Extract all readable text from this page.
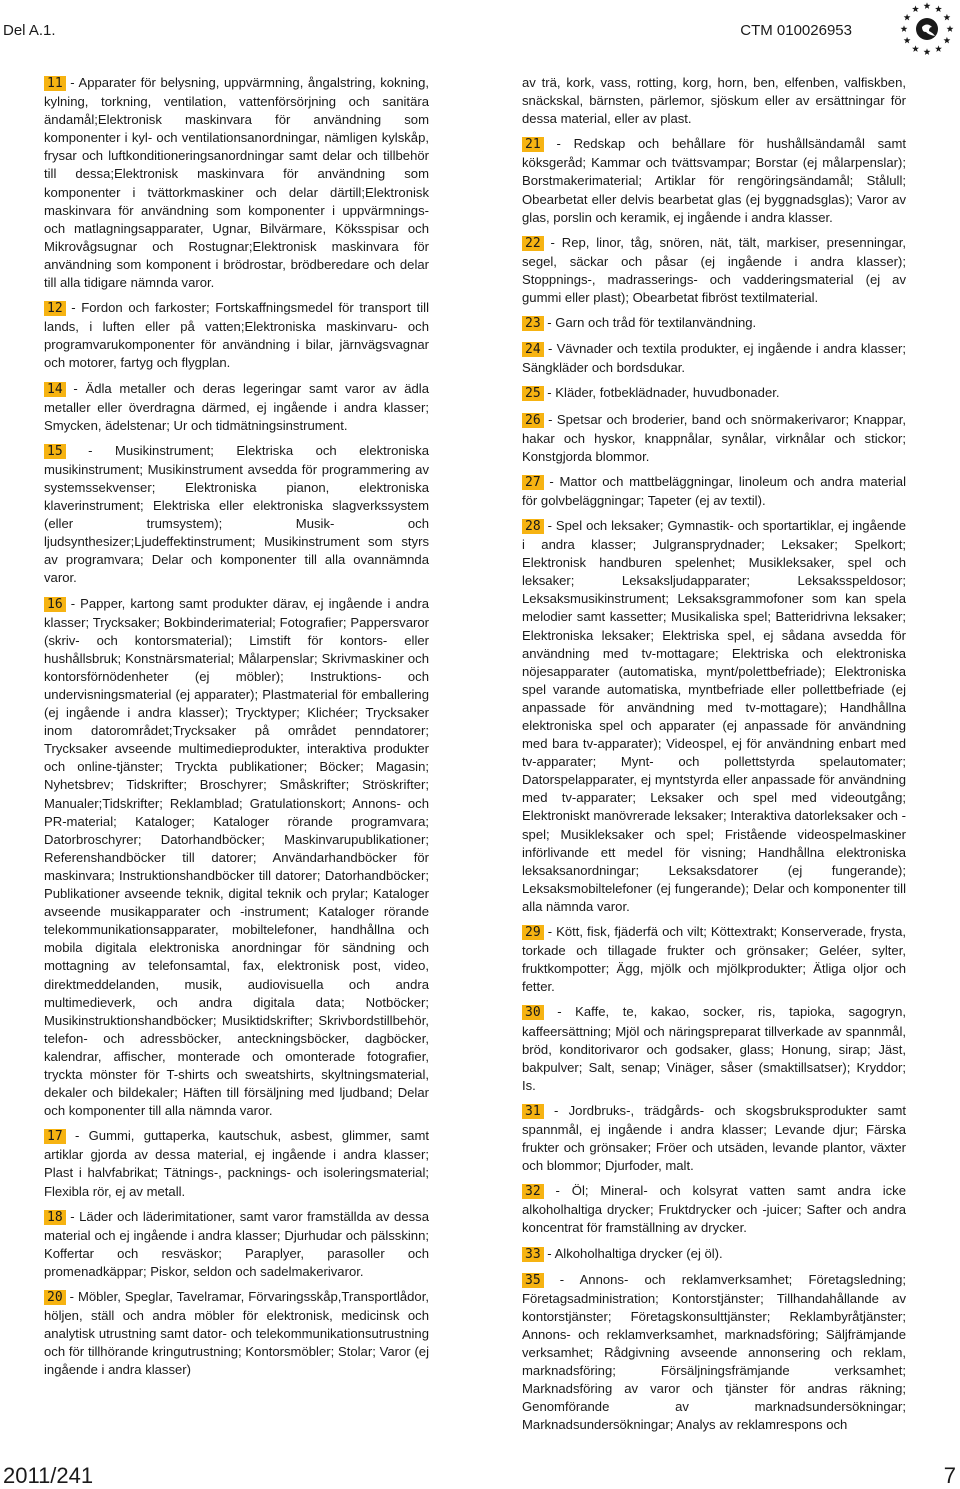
Del A.1.	CTM 010026953
11 - Apparater för belysning, uppvärmning, ångalstring, kokning, kylning, torkning, ventilation, vattenförsörjning och sanitära ändamål;Elektronisk maskinvara för användning som komponenter i kyl- och ventilationsanordningar, nämligen kylskåp, frysar och luftkonditioneringsanordningar samt delar och tillbehör till dessa;Elektronisk maskinvara för användning som komponenter i tvättorkmaskiner och delar därtill;Elektronisk maskinvara för användning som komponenter i uppvärmnings- och matlagningsapparater, Ugnar, Bilvärmare, Köksspisar och Mikrovågsugnar och Rostugnar;Elektronisk maskinvara för användning som komponent i brödrostar, brödberedare och delar till alla tidigare nämnda varor.
12 - Fordon och farkoster; Fortskaffningsmedel för transport till lands, i luften eller på vatten;Elektroniska maskinvaru- och programvarukomponenter för användning i bilar, järnvägsvagnar och motorer, fartyg och flygplan.
14 - Ädla metaller och deras legeringar samt varor av ädla metaller eller överdragna därmed, ej ingående i andra klasser; Smycken, ädelstenar; Ur och tidmätningsinstrument.
15 - Musikinstrument; Elektriska och elektroniska musikinstrument; Musikinstrument avsedda för programmering av systemssekvenser; Elektroniska pianon, elektroniska klaverinstrument; Elektriska eller elektroniska slagverkssystem (eller trumsystem); Musik- och ljudsynthesizer;Ljudeffektinstrument; Musikinstrument som styrs av programvara; Delar och komponenter till alla ovannämnda varor.
16 - Papper, kartong samt produkter därav, ej ingående i andra klasser; Trycksaker; Bokbinderimaterial; Fotografier; Pappersvaror (skriv- och kontorsmaterial); Limstift för kontors- eller hushållsbruk; Konstnärsmaterial; Målarpenslar; Skrivmaskiner och kontorsförnödenheter (ej möbler); Instruktions- och undervisningsmaterial (ej apparater); Plastmaterial för emballering (ej ingående i andra klasser); Trycktyper; Klichéer; Trycksaker inom datorområdet;Trycksaker på området penndatorer; Trycksaker avseende multimedieprodukter, interaktiva produkter och online-tjänster; Tryckta publikationer; Böcker; Magasin; Nyhetsbrev; Tidskrifter; Broschyrer; Småskrifter; Ströskrifter; Manualer;Tidskrifter; Reklamblad; Gratulationskort; Annons- och PR-material; Kataloger; Kataloger rörande programvara; Datorbroschyrer; Datorhandböcker; Maskinvarupublikationer; Referenshandböcker till datorer; Användarhandböcker för maskinvara; Instruktionshandböcker till datorer; Datorhandböcker; Publikationer avseende teknik, digital teknik och prylar; Kataloger avseende musikapparater och -instrument; Kataloger rörande telekommunikationsapparater, mobiltelefoner, handhållna och mobila digitala elektroniska anordningar för sändning och mottagning av telefonsamtal, fax, elektronisk post, video, direktmeddelanden, musik, audiovisuella och andra multimedieverk, och andra digitala data; Notböcker; Musikinstruktionshandböcker; Musiktidskrifter; Skrivbordstillbehör, telefon- och adressböcker, anteckningsböcker, dagböcker, kalendrar, affischer, monterade och omonterade fotografier, tryckta mönster för T-shirts och sweatshirts, skyltningsmaterial, dekaler och bildekaler; Häften till försäljning med ljudband; Delar och komponenter till alla nämnda varor.
17 - Gummi, guttaperka, kautschuk, asbest, glimmer, samt artiklar gjorda av dessa material, ej ingående i andra klasser; Plast i halvfabrikat; Tätnings-, packnings- och isoleringsmaterial; Flexibla rör, ej av metall.
18 - Läder och läderimitationer, samt varor framställda av dessa material och ej ingående i andra klasser; Djurhudar och pälsskinn; Koffertar och resväskor; Paraplyer, parasoller och promenadkäppar; Piskor, seldon och sadelmakerivaror.
20 - Möbler, Speglar, Tavelramar, Förvaringsskåp,Transportlådor, höljen, ställ och andra möbler för elektronisk, medicinsk och analytisk utrustning samt dator- och telekommunikationsutrustning och för tillhörande kringutrustning; Kontorsmöbler; Stolar; Varor (ej ingående i andra klasser)
av trä, kork, vass, rotting, korg, horn, ben, elfenben, valfiskben, snäckskal, bärnsten, pärlemor, sjöskum eller av ersättningar för dessa material, eller av plast.
21 - Redskap och behållare för hushållsändamål samt köksgeråd; Kammar och tvättsvampar; Borstar (ej målarpenslar); Borstmakerimaterial; Artiklar för rengöringsändamål; Stålull; Obearbetat eller delvis bearbetat glas (ej byggnadsglas); Varor av glas, porslin och keramik, ej ingående i andra klasser.
22 - Rep, linor, tåg, snören, nät, tält, markiser, presenningar, segel, säckar och påsar (ej ingående i andra klasser); Stoppnings-, madrasserings- och vadderingsmaterial (ej av gummi eller plast); Obearbetat fibröst textilmaterial.
23 - Garn och tråd för textilanvändning.
24 - Vävnader och textila produkter, ej ingående i andra klasser; Sängkläder och bordsdukar.
25 - Kläder, fotbeklädnader, huvudbonader.
26 - Spetsar och broderier, band och snörmakerivaror; Knappar, hakar och hyskor, knappnålar, synålar, virknålar och stickor; Konstgjorda blommor.
27 - Mattor och mattbeläggningar, linoleum och andra material för golvbeläggningar; Tapeter (ej av textil).
28 - Spel och leksaker; Gymnastik- och sportartiklar, ej ingående i andra klasser; Julgransprydnader; Leksaker; Spelkort; Elektronisk handburen spelenhet; Musikleksaker, spel och leksaker; Leksaksljudapparater; Leksaksspeldosor; Leksaksmusikinstrument; Leksaksgrammofoner som kan spela melodier samt kassetter; Musikaliska spel; Batteridrivna leksaker; Elektroniska leksaker; Elektriska spel, ej sådana avsedda för användning med tv-mottagare; Elektriska och elektroniska nöjesapparater (automatiska, mynt/polettbefriade); Elektroniska spel varande automatiska, myntbefriade eller pollettbefriade (ej anpassade för användning med tv-mottagare); Handhållna elektroniska spel och apparater (ej anpassade för användning med bara tv-apparater); Videospel, ej för användning enbart med tv-apparater; Mynt- och pollettstyrda spelautomater; Datorspelapparater, ej myntstyrda eller anpassade för användning med tv-apparater; Leksaker och spel med videoutgång; Elektroniskt manövrerade leksaker; Interaktiva datorleksaker och -spel; Musikleksaker och spel; Fristående videospelmaskiner införlivande ett medel för visning; Handhållna elektroniska leksaksanordningar; Leksaksdatorer (ej fungerande); Leksaksmobiltelefoner (ej fungerande); Delar och komponenter till alla nämnda varor.
29 - Kött, fisk, fjäderfä och vilt; Köttextrakt; Konserverade, frysta, torkade och tillagade frukter och grönsaker; Geléer, sylter, fruktkompotter; Ägg, mjölk och mjölkprodukter; Ätliga oljor och fetter.
30 - Kaffe, te, kakao, socker, ris, tapioka, sagogryn, kaffeersättning; Mjöl och näringspreparat tillverkade av spannmål, bröd, konditorivaror och godsaker, glass; Honung, sirap; Jäst, bakpulver; Salt, senap; Vinäger, såser (smaktillsatser); Kryddor; Is.
31 - Jordbruks-, trädgårds- och skogsbruksprodukter samt spannmål, ej ingående i andra klasser; Levande djur; Färska frukter och grönsaker; Fröer och utsäden, levande plantor, växter och blommor; Djurfoder, malt.
32 - Öl; Mineral- och kolsyrat vatten samt andra icke alkoholhaltiga drycker; Fruktdrycker och -juicer; Safter och andra koncentrat för framställning av drycker.
33 - Alkoholhaltiga drycker (ej öl).
35 - Annons- och reklamverksamhet; Företagsledning; Företagsadministration; Kontorstjänster; Tillhandahållande av kontorstjänster; Företagskonsulttjänster; Reklambyråtjänster; Annons- och reklamverksamhet, marknadsföring; Säljfrämjande verksamhet; Rådgivning avseende annonsering och reklam, marknadsföring; Försäljningsfrämjande verksamhet; Marknadsföring av varor och tjänster för andras räkning; Genomförande av marknadsundersökningar; Marknadsundersökningar; Analys av reklamrespons och
2011/241	7
